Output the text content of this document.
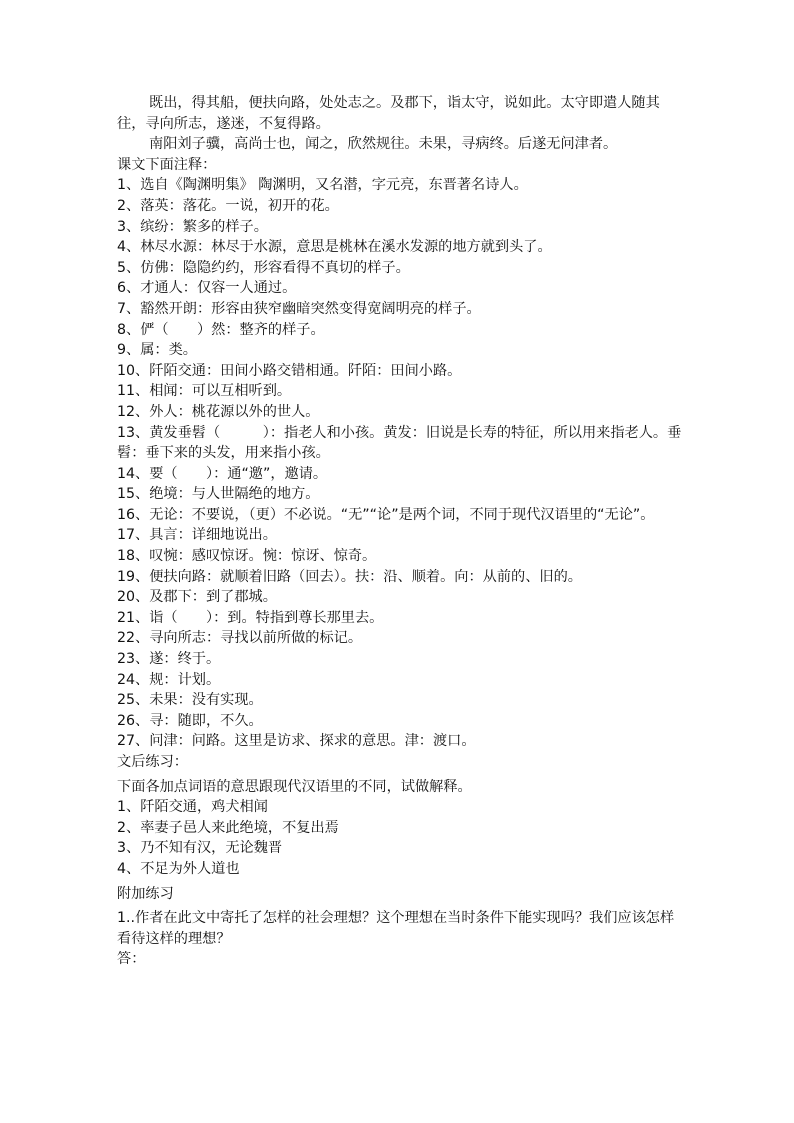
既出，得其船，便扶向路，处处志之。及郡下，诣太守，说如此。太守即遣人随其往，寻向所志，遂迷，不复得路。

南阳刘子骥，高尚士也，闻之，欣然规往。未果，寻病终。后遂无问津者。

课文下面注释：

1、选自《陶渊明集》 陶渊明，又名潜，字元亮，东晋著名诗人。

2、落英：落花。一说，初开的花。

3、缤纷：繁多的样子。

4、林尽水源：林尽于水源，意思是桃林在溪水发源的地方就到头了。

5、仿佛：隐隐约约，形容看得不真切的样子。

6、才通人：仅容一人通过。

7、豁然开朗：形容由狭窄幽暗突然变得宽阔明亮的样子。

8、俨（　　）然：整齐的样子。

9、属：类。

10、阡陌交通：田间小路交错相通。阡陌：田间小路。

11、相闻：可以互相听到。

12、外人：桃花源以外的世人。

13、黄发垂髫（　　　）：指老人和小孩。黄发：旧说是长寿的特征，所以用来指老人。垂髫：垂下来的头发，用来指小孩。

14、要（　　）：通“邀”，邀请。

15、绝境：与人世隔绝的地方。

16、无论：不要说，（更）不必说。“无”“论”是两个词，不同于现代汉语里的“无论”。

17、具言：详细地说出。

18、叹惋：感叹惊讶。惋：惊讶、惊奇。

19、便扶向路：就顺着旧路（回去）。扶：沿、顺着。向：从前的、旧的。

20、及郡下：到了郡城。

21、诣（　　）：到。特指到尊长那里去。

22、寻向所志：寻找以前所做的标记。

23、遂：终于。

24、规：计划。

25、未果：没有实现。

26、寻：随即，不久。

27、问津：问路。这里是访求、探求的意思。津：渡口。

文后练习：

下面各加点词语的意思跟现代汉语里的不同，试做解释。

1、阡陌交通，鸡犬相闻

2、率妻子邑人来此绝境，不复出焉

3、乃不知有汉，无论魏晋

4、不足为外人道也

附加练习

1..作者在此文中寄托了怎样的社会理想？这个理想在当时条件下能实现吗？我们应该怎样看待这样的理想？

答：
